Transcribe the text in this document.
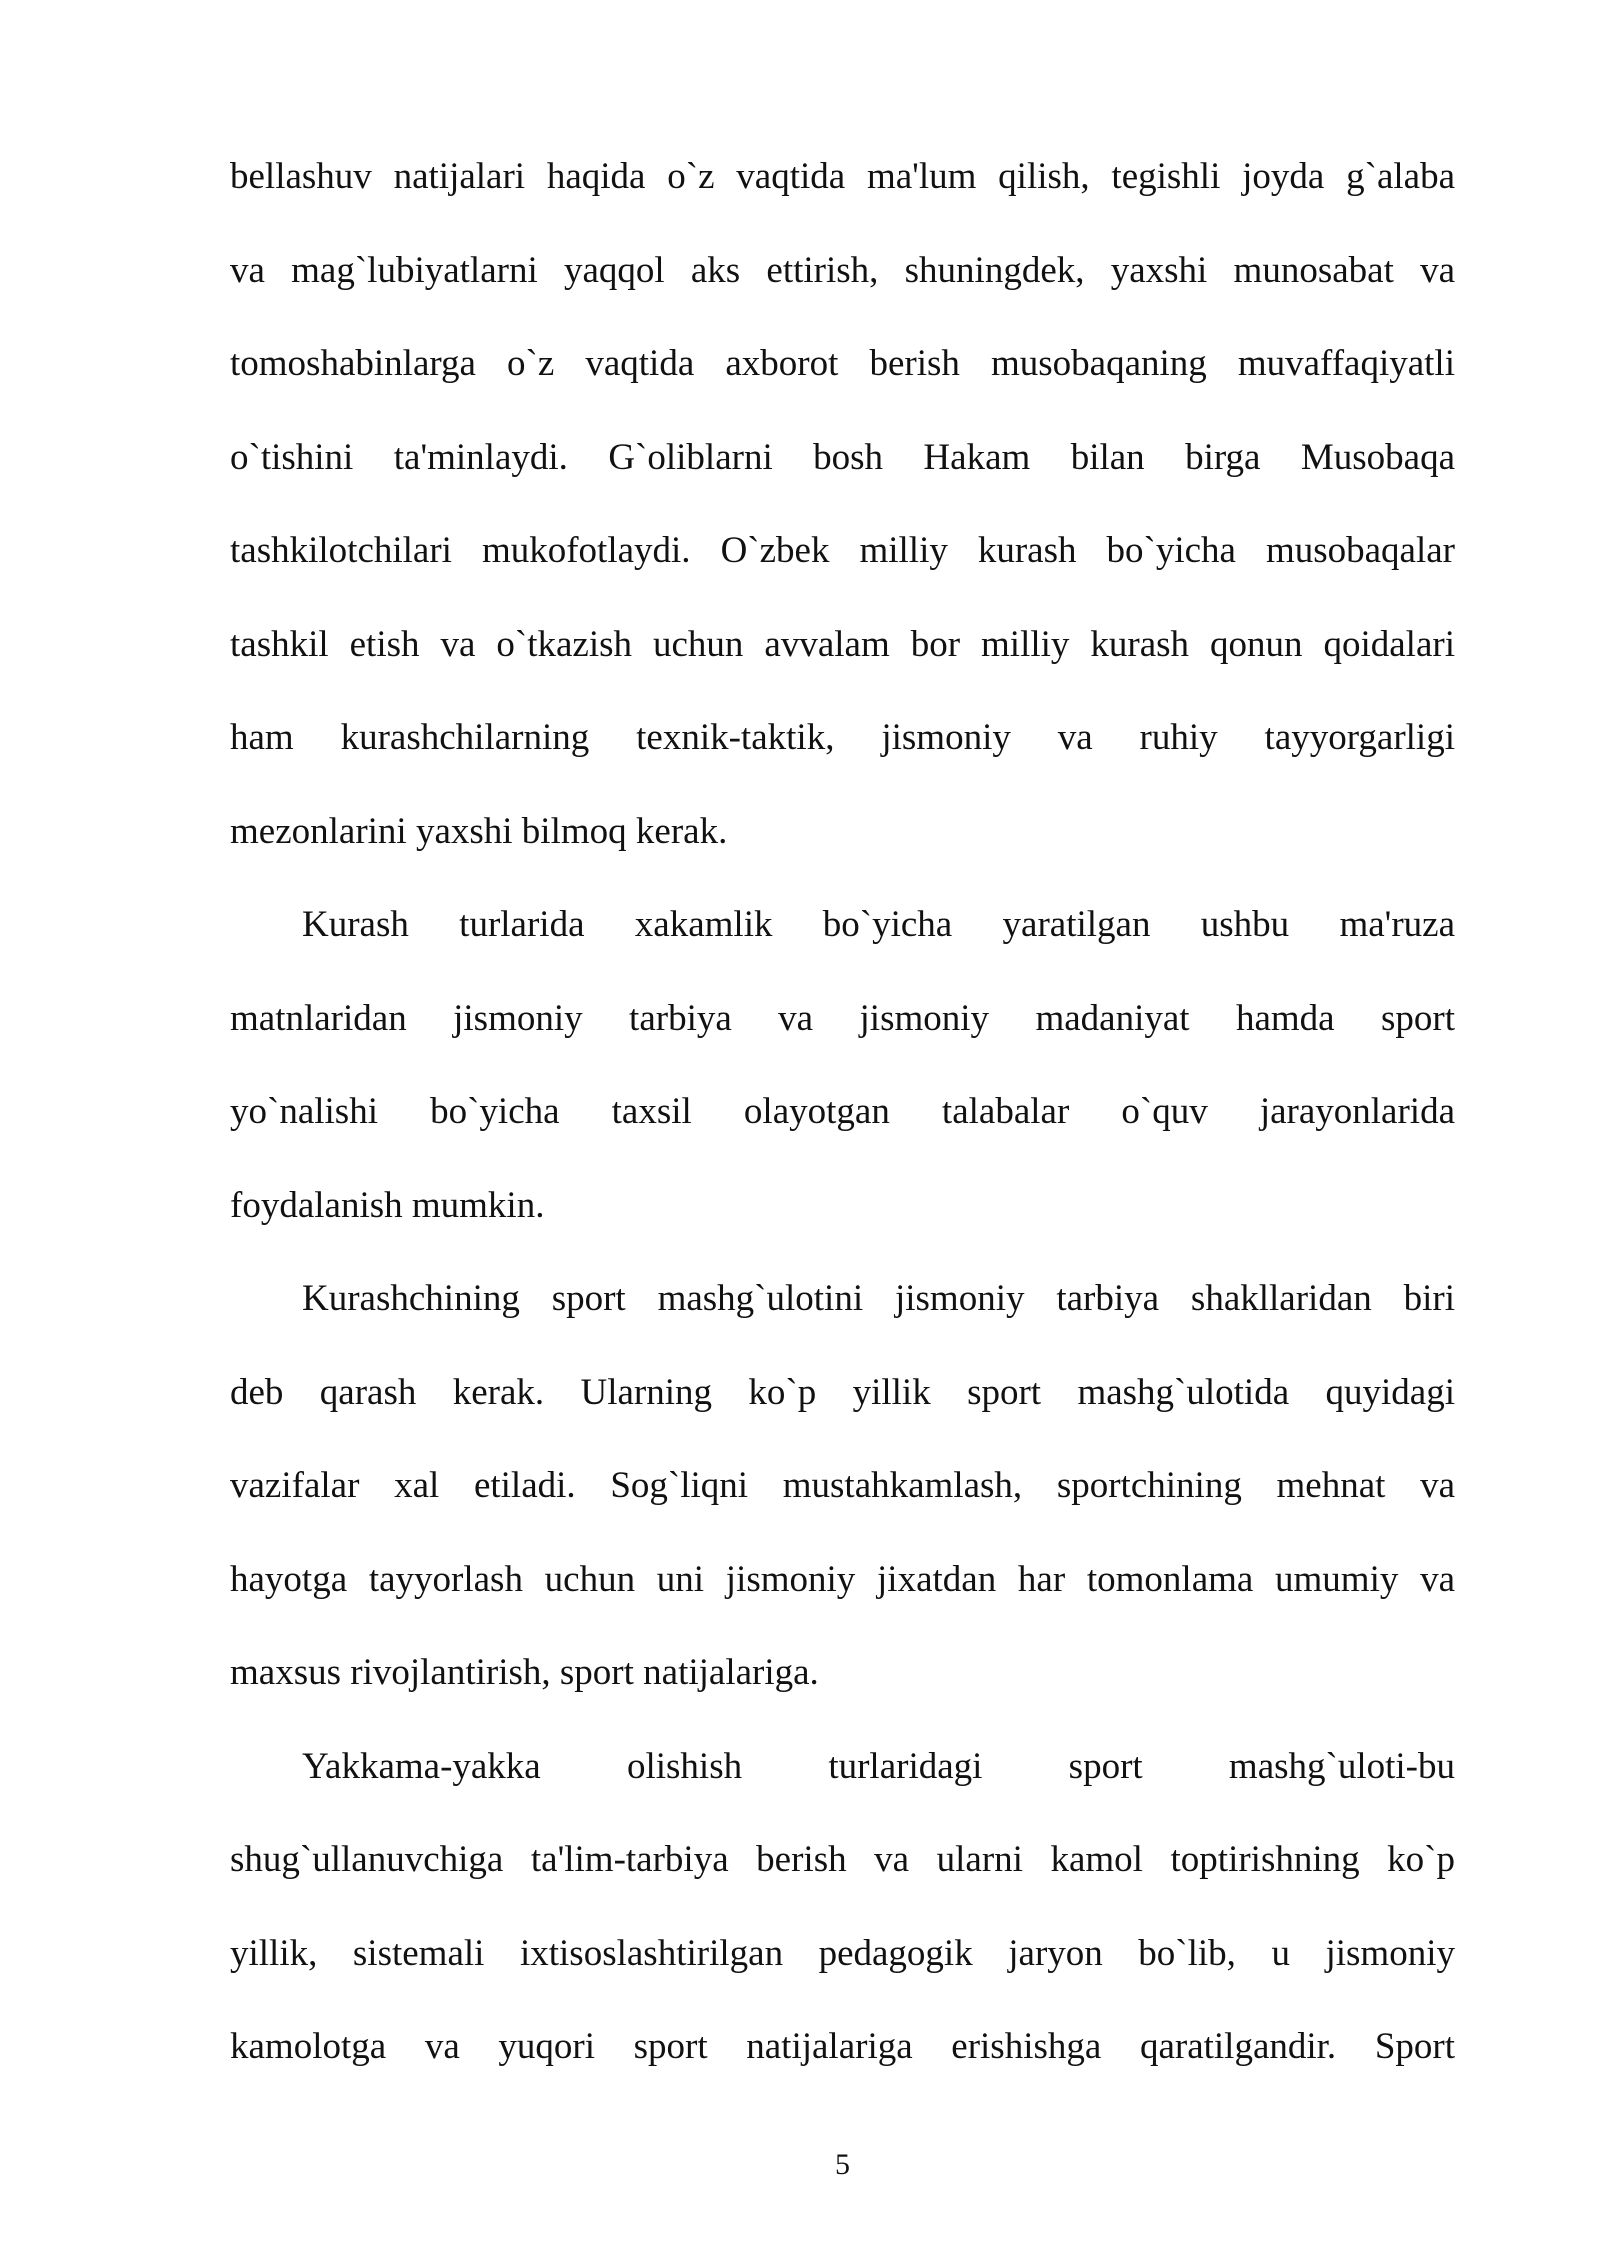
bellashuv natijalari haqida o`z vaqtida ma'lum qilish, tegishli joyda g`alaba
va mag`lubiyatlarni yaqqol aks ettirish, shuningdek, yaxshi munosabat va
tomoshabinlarga o`z vaqtida axborot berish musobaqaning muvaffaqiyatli
o`tishini ta'minlaydi. G`oliblarni bosh Hakam bilan birga Musobaqa
tashkilotchilari mukofotlaydi. O`zbek milliy kurash bo`yicha musobaqalar
tashkil etish va o`tkazish uchun avvalam bor milliy kurash qonun qoidalari
ham kurashchilarning texnik-taktik, jismoniy va ruhiy tayyorgarligi
mezonlarini yaxshi bilmoq kerak.
Kurash turlarida xakamlik bo`yicha yaratilgan ushbu ma'ruza
matnlaridan jismoniy tarbiya va jismoniy madaniyat hamda sport
yo`nalishi bo`yicha taxsil olayotgan talabalar o`quv jarayonlarida
foydalanish mumkin.
Kurashchining sport mashg`ulotini jismoniy tarbiya shakllaridan biri
deb qarash kerak. Ularning ko`p yillik sport mashg`ulotida quyidagi
vazifalar xal etiladi. Sog`liqni mustahkamlash, sportchining mehnat va
hayotga tayyorlash uchun uni jismoniy jixatdan har tomonlama umumiy va
maxsus rivojlantirish, sport natijalariga.
Yakkama-yakka olishish turlaridagi sport mashg`uloti-bu
shug`ullanuvchiga ta'lim-tarbiya berish va ularni kamol toptirishning ko`p
yillik, sistemali ixtisoslashtirilgan pedagogik jaryon bo`lib, u jismoniy
kamolotga va yuqori sport natijalariga erishishga qaratilgandir. Sport
5
